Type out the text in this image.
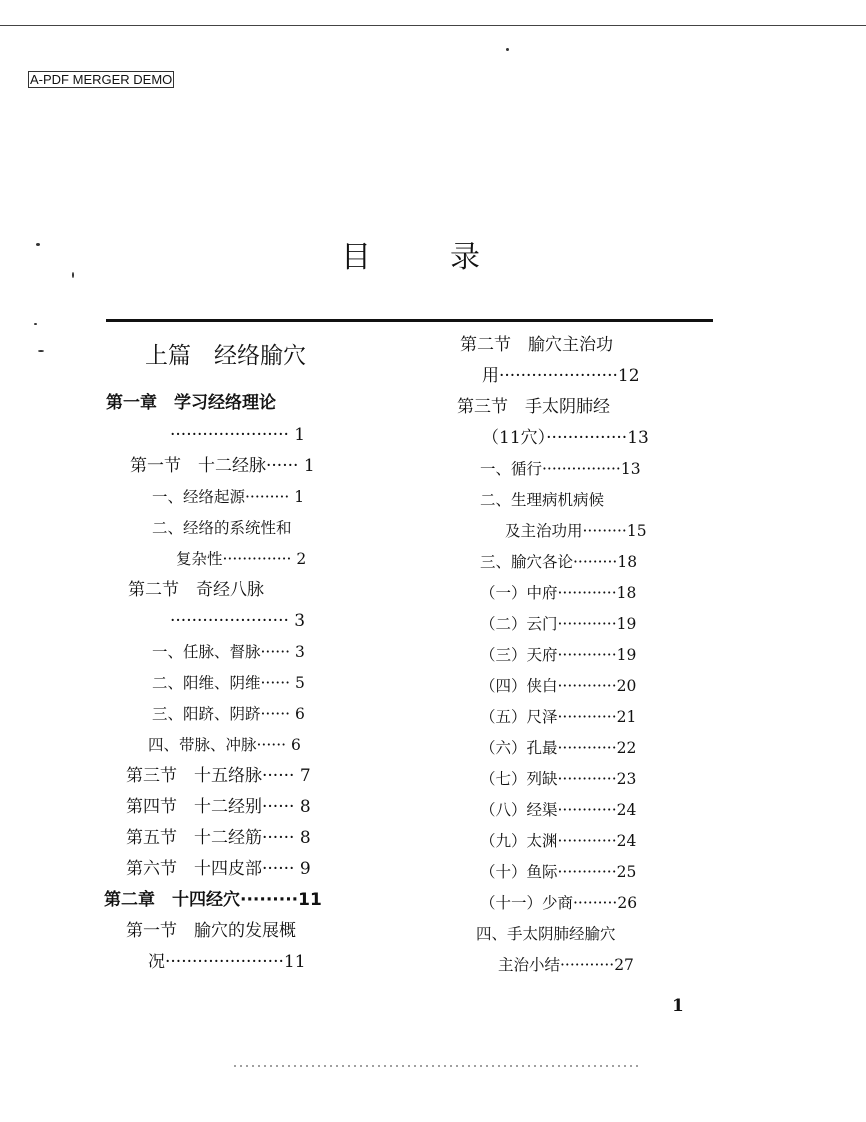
A-PDF MERGER DEMO
目	录
上篇　经络腧穴
第一章　学习经络理论
······················ 1
第一节　十二经脉······ 1
一、经络起源········· 1
二、经络的系统性和
复杂性·············· 2
第二节　奇经八脉
······················ 3
一、任脉、督脉······ 3
二、阳维、阴维······ 5
三、阳跻、阴跻······ 6
四、带脉、冲脉······ 6
第三节　十五络脉······ 7
第四节　十二经别······ 8
第五节　十二经筋······ 8
第六节　十四皮部······ 9
第二章　十四经穴·········11
第一节　腧穴的发展概
况······················11
第二节　腧穴主治功
用······················12
第三节　手太阴肺经
（11穴）···············13
一、循行················13
二、生理病机病候
及主治功用·········15
三、腧穴各论·········18
（一）中府············18
（二）云门············19
（三）天府············19
（四）侠白············20
（五）尺泽············21
（六）孔最············22
（七）列缺············23
（八）经渠············24
（九）太渊············24
（十）鱼际············25
（十一）少商·········26
四、手太阴肺经腧穴
主治小结···········27
1
